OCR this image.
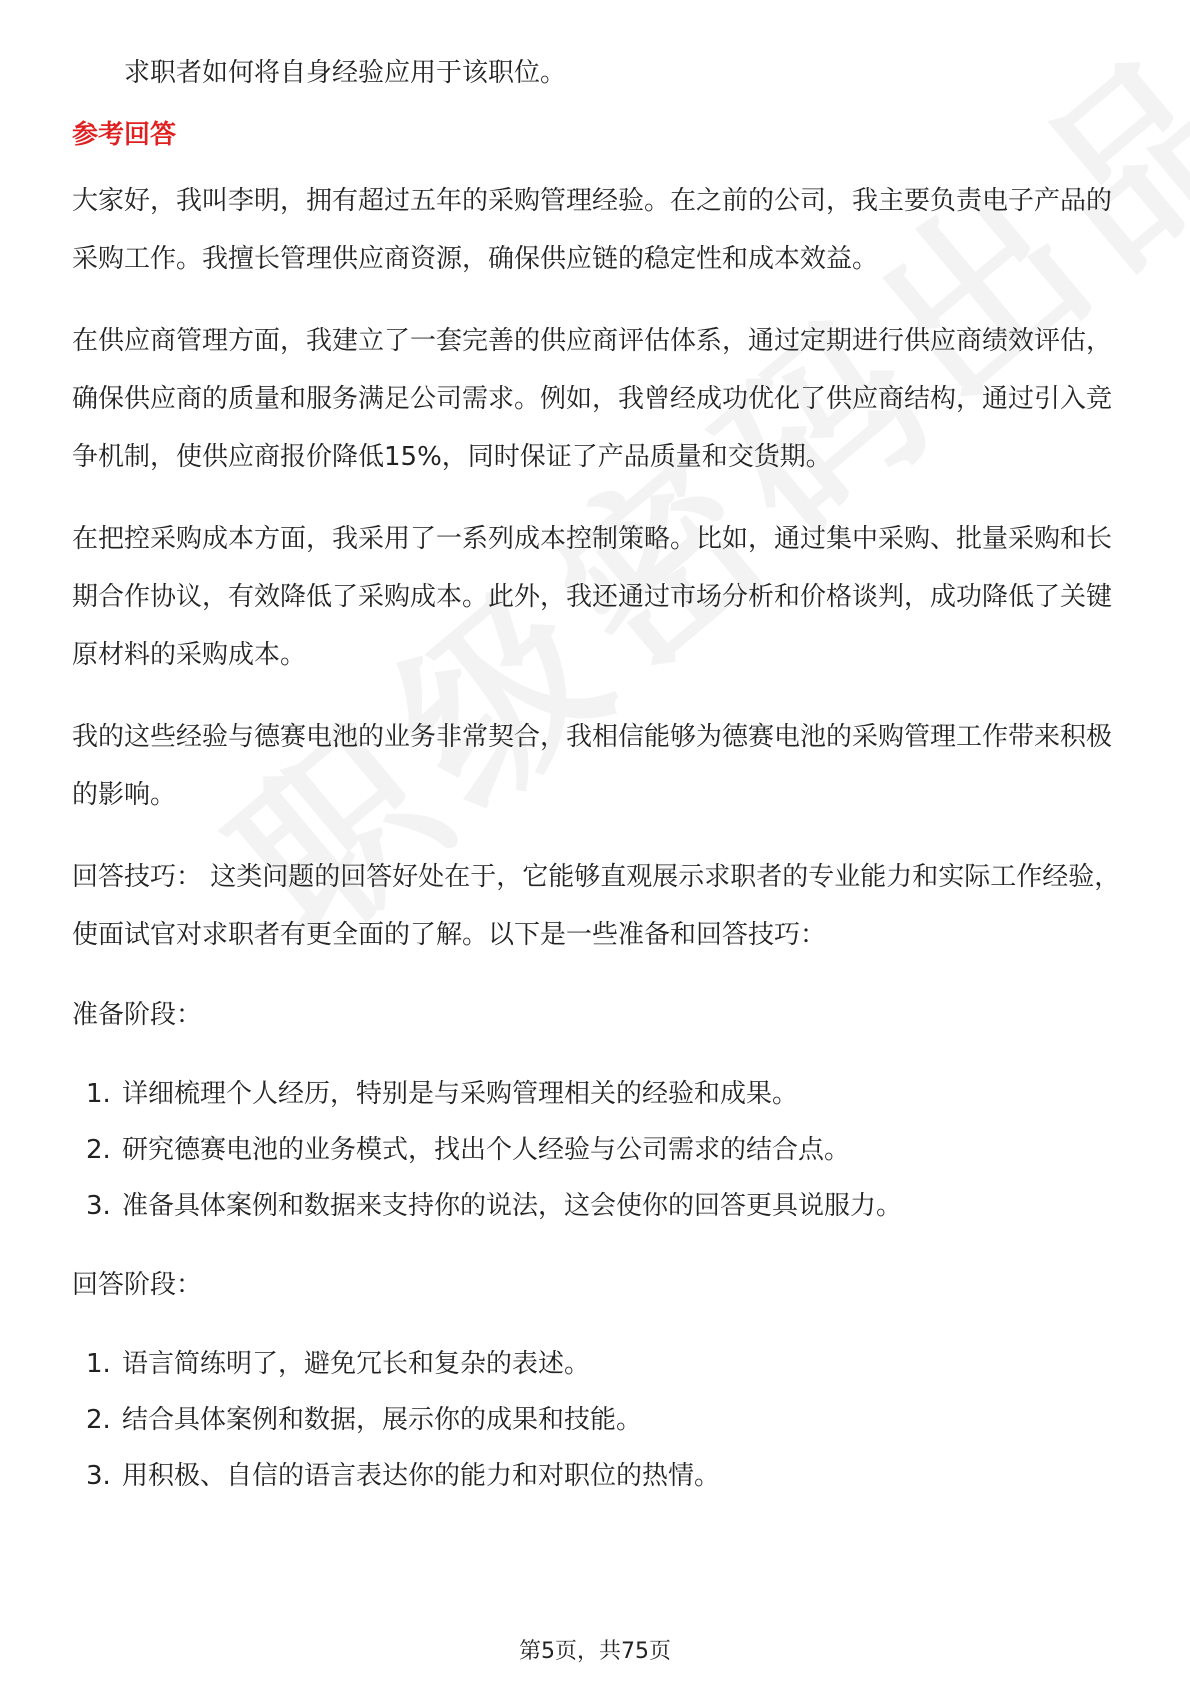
求职者如何将自身经验应用于该职位。

参考回答

大家好，我叫李明，拥有超过五年的采购管理经验。在之前的公司，我主要负责电子产品的采购工作。我擅长管理供应商资源，确保供应链的稳定性和成本效益。

在供应商管理方面，我建立了一套完善的供应商评估体系，通过定期进行供应商绩效评估，确保供应商的质量和服务满足公司需求。例如，我曾经成功优化了供应商结构，通过引入竞争机制，使供应商报价降低15%，同时保证了产品质量和交货期。

在把控采购成本方面，我采用了一系列成本控制策略。比如，通过集中采购、批量采购和长期合作协议，有效降低了采购成本。此外，我还通过市场分析和价格谈判，成功降低了关键原材料的采购成本。

我的这些经验与德赛电池的业务非常契合，我相信能够为德赛电池的采购管理工作带来积极的影响。

回答技巧： 这类问题的回答好处在于，它能够直观展示求职者的专业能力和实际工作经验，使面试官对求职者有更全面的了解。以下是一些准备和回答技巧：

准备阶段：

1. 详细梳理个人经历，特别是与采购管理相关的经验和成果。
2. 研究德赛电池的业务模式，找出个人经验与公司需求的结合点。
3. 准备具体案例和数据来支持你的说法，这会使你的回答更具说服力。

回答阶段：

1. 语言简练明了，避免冗长和复杂的表述。
2. 结合具体案例和数据，展示你的成果和技能。
3. 用积极、自信的语言表达你的能力和对职位的热情。
第5页，共75页
